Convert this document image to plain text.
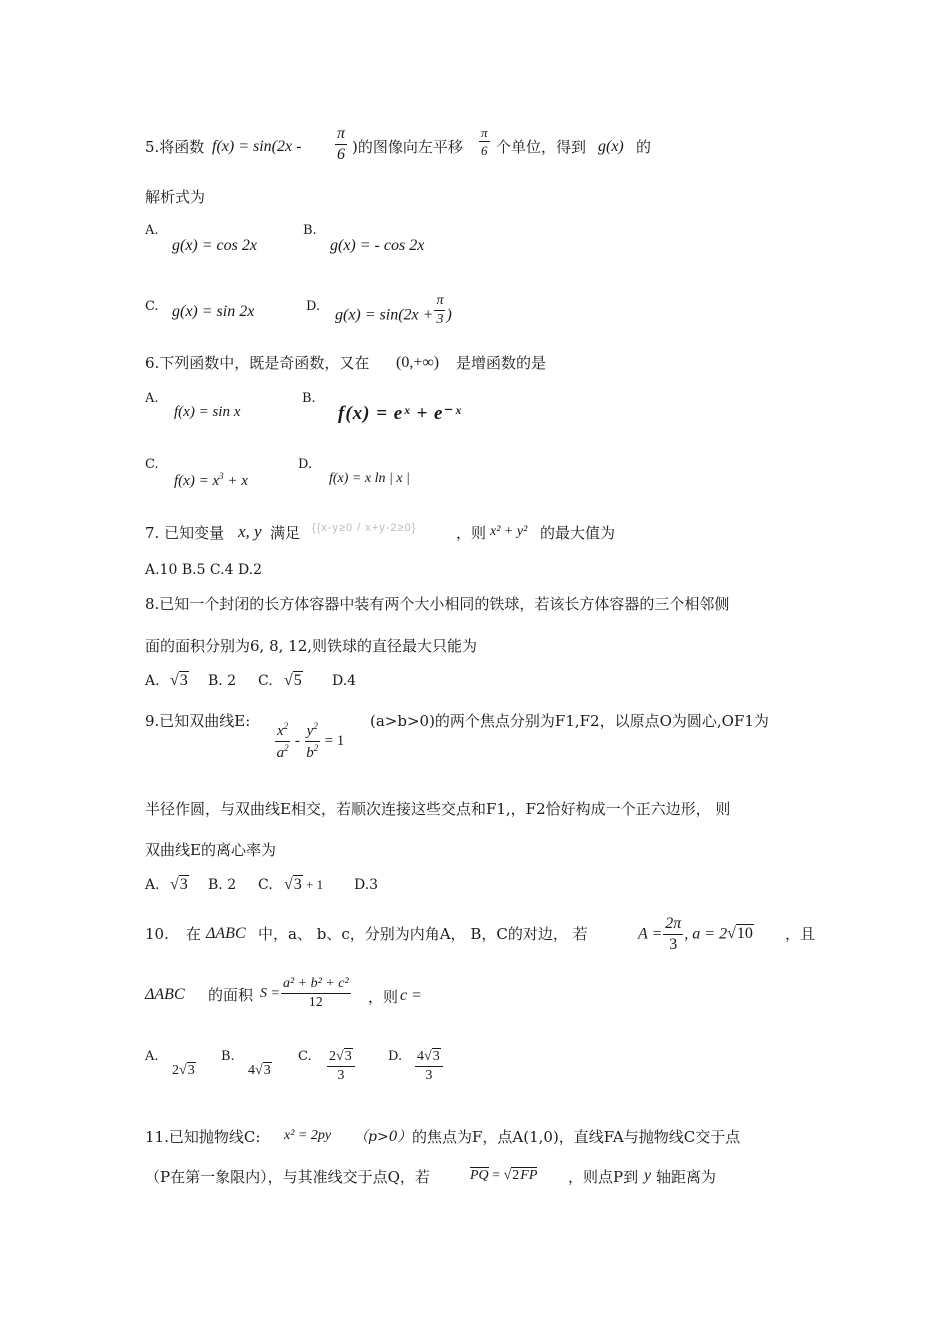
5.将函数 $f(x) = \sin(2x - \frac{\pi}{6}$ )的图像向左平移 $\frac{\pi}{6}$ 个单位，得到 g(x) 的
解析式为
A.
g(x) = cos 2x
B.
g(x) = - cos 2x
C. g(x) = sin 2x	D. $g(x) = \sin(2x + \frac{\pi}{3}$ )
6.下列函数中，既是奇函数，又在 (0,+∞) 是增函数的是
A.
f(x) = sin x
B.
f(x) = eˣ + e⁻ˣ
C.
$f(x) = x^3 + x$
D.
f(x) = x ln | x |
7. 已知变量 x, y 满足 {{x-y≥0 / x+y-2≥0}	，则 x² + y² 的最大值为
A.10 B.5 C.4 D.2
8.已知一个封闭的长方体容器中装有两个大小相同的铁球，若该长方体容器的三个相邻侧
面的面积分别为6, 8, 12,则铁球的直径最大只能为
A. √3 B. 2 C. √5 D.4
9.已知双曲线E:
$\frac{x^2}{a^2} - \frac{y^2}{b^2} = 1$
(a>b>0)的两个焦点分别为F1,F2，以原点O为圆心,OF1为
半径作圆，与双曲线E相交，若顺次连接这些交点和F1,，F2恰好构成一个正六边形， 则
双曲线E的离心率为
A. √3 B. 2 C. √3 + 1 D.3
10. 在 ΔABC 中，a、 b、c，分别为内角A， B，C的对边， 若	$A = \frac{2\pi}{3}$ , a = 2√10 ，且
ΔABC 的面积 $S = \frac{\text{a² + b² + c²}}{12}$ ，则 c =
A.
2√3
B.
4√3
C. $\frac{2√3}{3}$	D. $\frac{4√3}{3}$
11.已知抛物线C: x² = 2py （p>0） 的焦点为F，点A(1,0)，直线FA与抛物线C交于点
（P在第一象限内），与其准线交于点Q，若	PQ = √2FP ，则点P到 y 轴距离为
